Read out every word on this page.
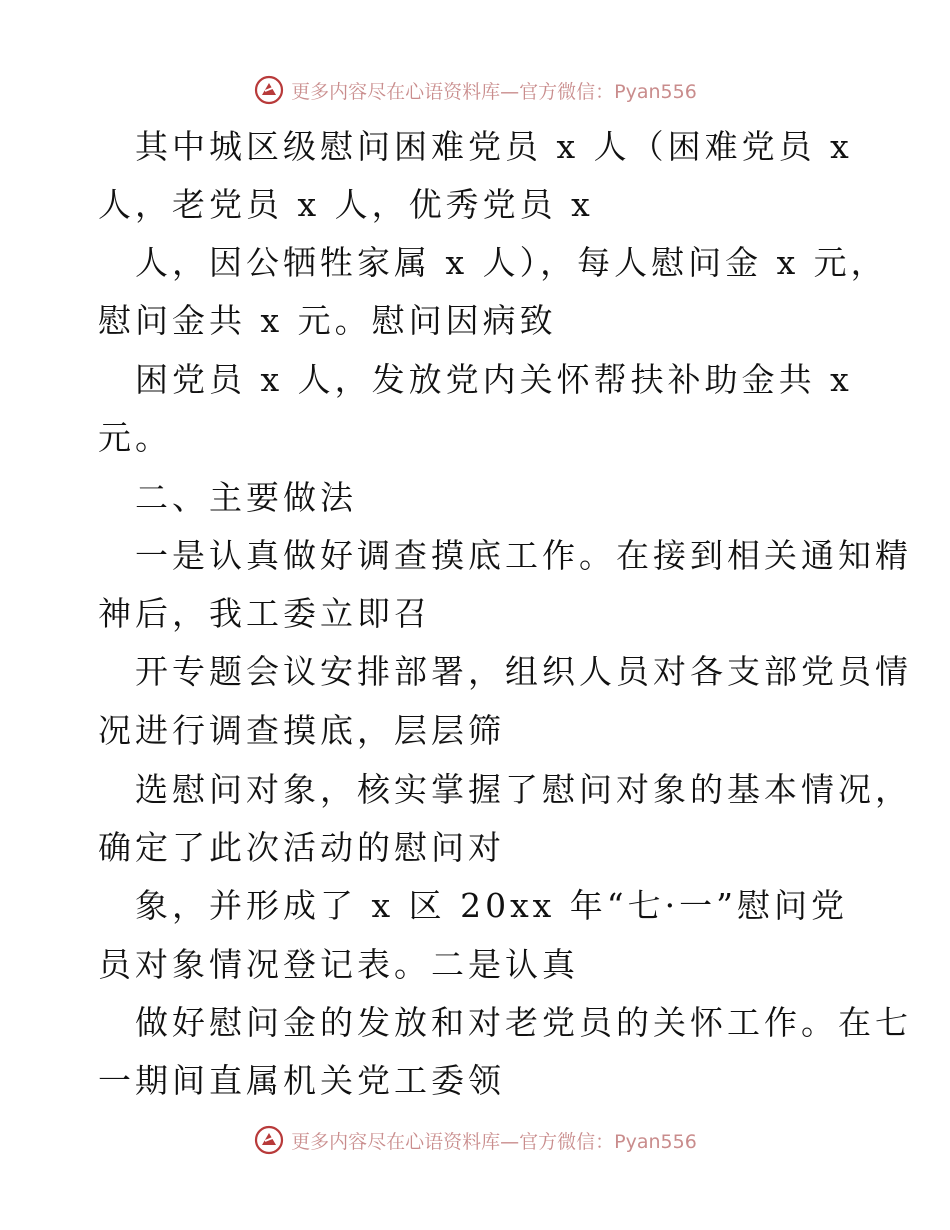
更多内容尽在心语资料库—官方微信：Pyan556
其中城区级慰问困难党员 x 人（困难党员 x
人，老党员 x 人，优秀党员 x
人，因公牺牲家属 x 人），每人慰问金 x 元，
慰问金共 x 元。慰问因病致
困党员 x 人，发放党内关怀帮扶补助金共 x
元。
二、主要做法
一是认真做好调查摸底工作。在接到相关通知精
神后，我工委立即召
开专题会议安排部署，组织人员对各支部党员情
况进行调查摸底，层层筛
选慰问对象，核实掌握了慰问对象的基本情况，
确定了此次活动的慰问对
象，并形成了 x 区 20xx 年“七·一”慰问党
员对象情况登记表。二是认真
做好慰问金的发放和对老党员的关怀工作。在七
一期间直属机关党工委领
更多内容尽在心语资料库—官方微信：Pyan556
